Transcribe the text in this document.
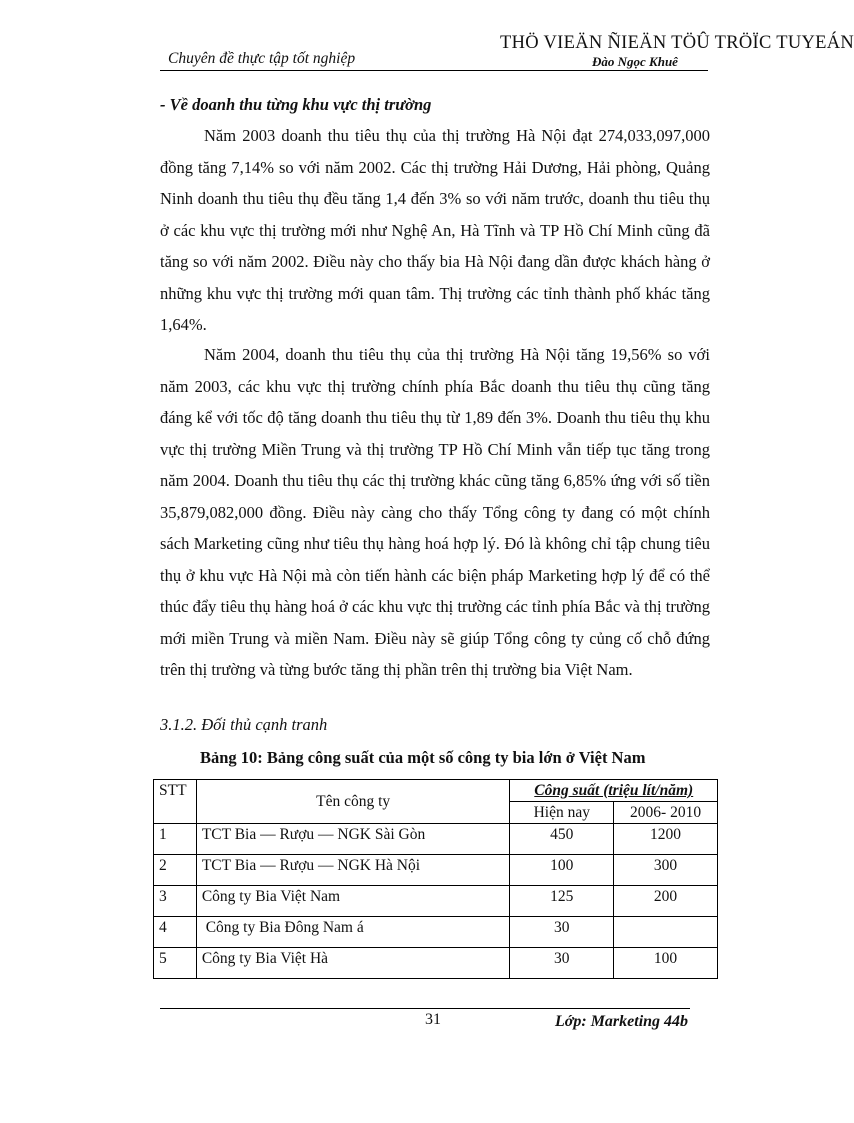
Chuyên đề thực tập tốt nghiệp
THÖ VIEÄN ÑIEÄN TÖÛ TRÖÏC TUYEÁN
Đào Ngọc Khuê
- Về doanh thu từng khu vực thị trường

Năm 2003 doanh thu tiêu thụ của thị trường Hà Nội đạt 274,033,097,000 đồng tăng 7,14% so với năm 2002. Các thị trường Hải Dương, Hải phòng, Quảng Ninh doanh thu tiêu thụ đều tăng 1,4 đến 3% so với năm trước, doanh thu tiêu thụ ở các khu vực thị trường mới như Nghệ An, Hà Tĩnh và TP Hồ Chí Minh cũng đã tăng so với năm 2002. Điều này cho thấy bia Hà Nội đang dần được khách hàng ở những khu vực thị trường mới quan tâm. Thị trường các tỉnh thành phố khác tăng 1,64%.

Năm 2004, doanh thu tiêu thụ của thị trường Hà Nội tăng 19,56% so với năm 2003, các khu vực thị trường chính phía Bắc doanh thu tiêu thụ cũng tăng đáng kể với tốc độ tăng doanh thu tiêu thụ từ 1,89 đến 3%. Doanh thu tiêu thụ khu vực thị trường Miền Trung và thị trường TP Hồ Chí Minh vẫn tiếp tục tăng trong năm 2004. Doanh thu tiêu thụ các thị trường khác cũng tăng 6,85% ứng với số tiền 35,879,082,000 đồng. Điều này càng cho thấy Tổng công ty đang có một chính sách Marketing cũng như tiêu thụ hàng hoá hợp lý. Đó là không chỉ tập chung tiêu thụ ở khu vực Hà Nội mà còn tiến hành các biện pháp Marketing hợp lý để có thể thúc đẩy tiêu thụ hàng hoá ở các khu vực thị trường các tỉnh phía Bắc và thị trường mới miền Trung và miền Nam. Điều này sẽ giúp Tổng công ty củng cố chỗ đứng trên thị trường và từng bước tăng thị phần trên thị trường bia Việt Nam.

3.1.2. Đối thủ cạnh tranh
Bảng 10: Bảng công suất của một số công ty bia lớn ở Việt Nam
STT	Tên công ty	Công suất (triệu lít/năm)	
		Hiện nay	2006- 2010
1	TCT Bia — Rượu — NGK Sài Gòn	450	1200
2	TCT Bia — Rượu — NGK Hà Nội	100	300
3	Công ty Bia Việt Nam	125	200
4	Công ty Bia Đông Nam á	30	
5	Công ty Bia Việt Hà	30	100
31	Lớp: Marketing 44b
